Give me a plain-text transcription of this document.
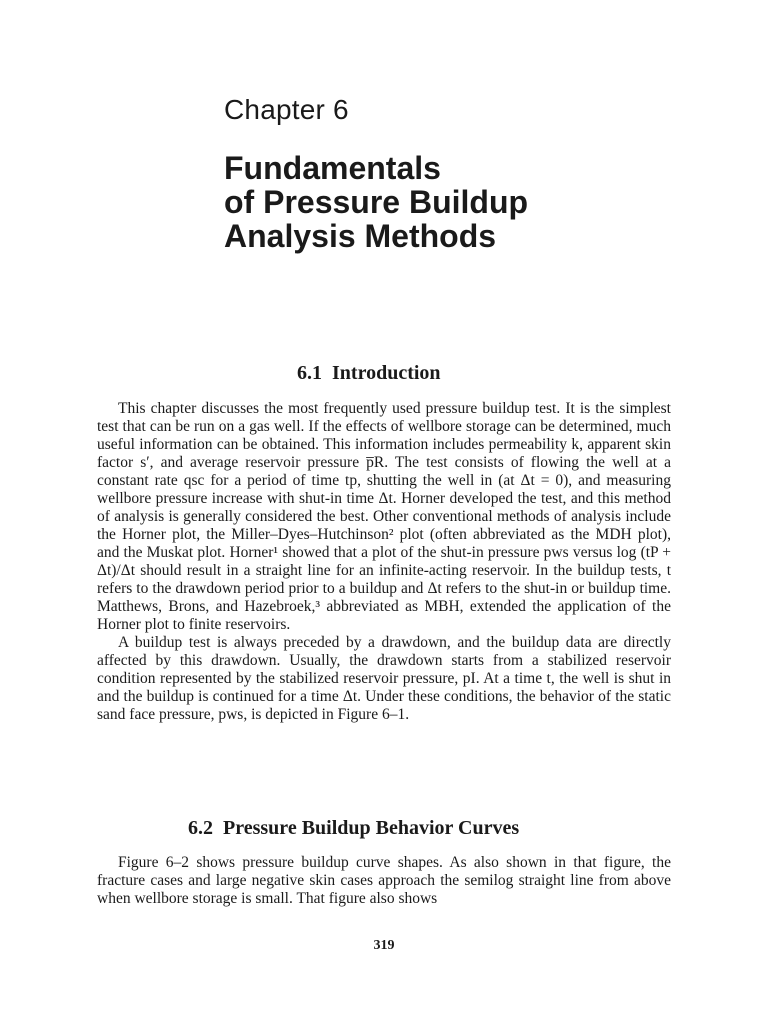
Chapter 6
Fundamentals
of Pressure Buildup
Analysis Methods
6.1 Introduction

This chapter discusses the most frequently used pressure buildup test. It is the simplest test that can be run on a gas well. If the effects of wellbore storage can be determined, much useful information can be obtained. This information includes permeability k, apparent skin factor s′, and average reservoir pressure p̅R. The test consists of flowing the well at a constant rate qsc for a period of time tp, shutting the well in (at Δt = 0), and measuring wellbore pressure increase with shut-in time Δt. Horner developed the test, and this method of analysis is generally considered the best. Other conventional methods of analysis include the Horner plot, the Miller–Dyes–Hutchinson² plot (often abbreviated as the MDH plot), and the Muskat plot. Horner¹ showed that a plot of the shut-in pressure pws versus log (tP + Δt)/Δt should result in a straight line for an infinite-acting reservoir. In the buildup tests, t refers to the drawdown period prior to a buildup and Δt refers to the shut-in or buildup time. Matthews, Brons, and Hazebroek,³ abbreviated as MBH, extended the application of the Horner plot to finite reservoirs.

A buildup test is always preceded by a drawdown, and the buildup data are directly affected by this drawdown. Usually, the drawdown starts from a stabilized reservoir condition represented by the stabilized reservoir pressure, pI. At a time t, the well is shut in and the buildup is continued for a time Δt. Under these conditions, the behavior of the static sand face pressure, pws, is depicted in Figure 6–1.

6.2 Pressure Buildup Behavior Curves

Figure 6–2 shows pressure buildup curve shapes. As also shown in that figure, the fracture cases and large negative skin cases approach the semilog straight line from above when wellbore storage is small. That figure also shows

319
